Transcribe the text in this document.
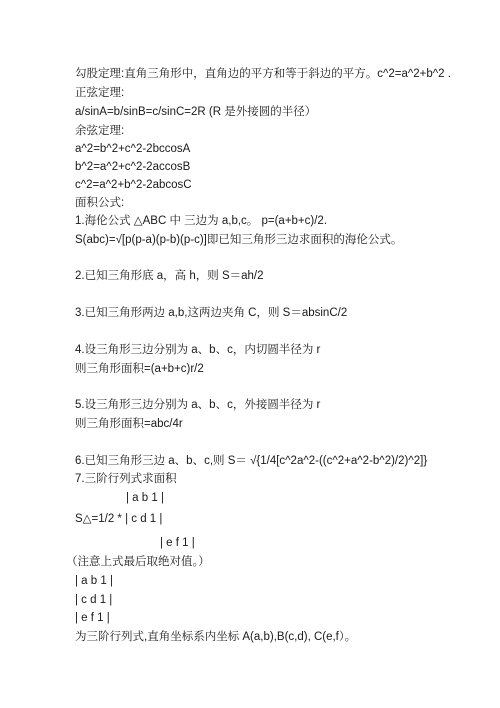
勾股定理:直角三角形中，直角边的平方和等于斜边的平方。c^2=a^2+b^2 .
正弦定理:
a/sinA=b/sinB=c/sinC=2R (R 是外接圆的半径）
余弦定理:
a^2=b^2+c^2-2bccosA
b^2=a^2+c^2-2accosB
c^2=a^2+b^2-2abcosC
面积公式:
1.海伦公式 △ABC 中 三边为 a,b,c。 p=(a+b+c)/2.
S(abc)=√[p(p-a)(p-b)(p-c)]即已知三角形三边求面积的海伦公式。
2.已知三角形底 a，高 h，则 S＝ah/2
3.已知三角形两边 a,b,这两边夹角 C，则 S＝absinC/2
4.设三角形三边分别为 a、b、c，内切圆半径为 r
则三角形面积=(a+b+c)r/2
5.设三角形三边分别为 a、b、c，外接圆半径为 r
则三角形面积=abc/4r
6.已知三角形三边 a、b、c,则 S＝ √{1/4[c^2a^2-((c^2+a^2-b^2)/2)^2]}
7.三阶行列式求面积
| a b 1 |
S△=1/2 * | c d 1 |
| e f 1 |
（注意上式最后取绝对值。）
| a b 1 |
| c d 1 |
| e f 1 |
为三阶行列式,直角坐标系内坐标 A(a,b),B(c,d), C(e,f）。
